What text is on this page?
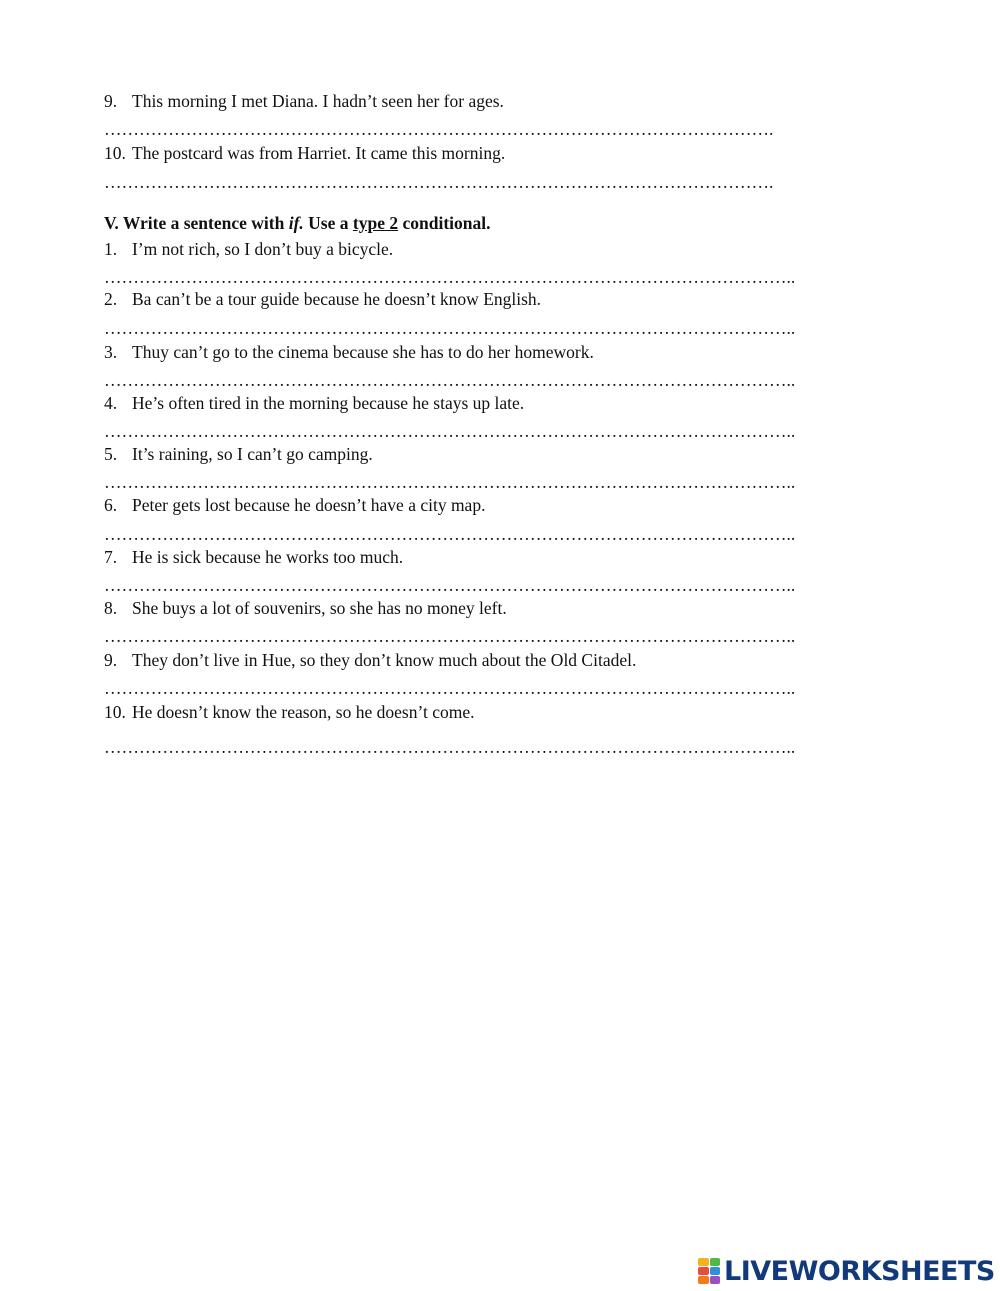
9. This morning I met Diana. I hadn’t seen her for ages.
…………………………………………………………………………………………………….
10. The postcard was from Harriet. It came this morning.
…………………………………………………………………………………………………….
V. Write a sentence with if. Use a type 2 conditional.
1. I’m not rich, so I don’t buy a bicycle.
………………………………………………………………………………………………………..
2. Ba can’t be a tour guide because he doesn’t know English.
………………………………………………………………………………………………………..
3. Thuy can’t go to the cinema because she has to do her homework.
………………………………………………………………………………………………………..
4. He’s often tired in the morning because he stays up late.
………………………………………………………………………………………………………..
5. It’s raining, so I can’t go camping.
………………………………………………………………………………………………………..
6. Peter gets lost because he doesn’t have a city map.
………………………………………………………………………………………………………..
7. He is sick because he works too much.
………………………………………………………………………………………………………..
8. She buys a lot of souvenirs, so she has no money left.
………………………………………………………………………………………………………..
9. They don’t live in Hue, so they don’t know much about the Old Citadel.
………………………………………………………………………………………………………..
10. He doesn’t know the reason, so he doesn’t come.
………………………………………………………………………………………………………..
LIVEWORKSHEETS
